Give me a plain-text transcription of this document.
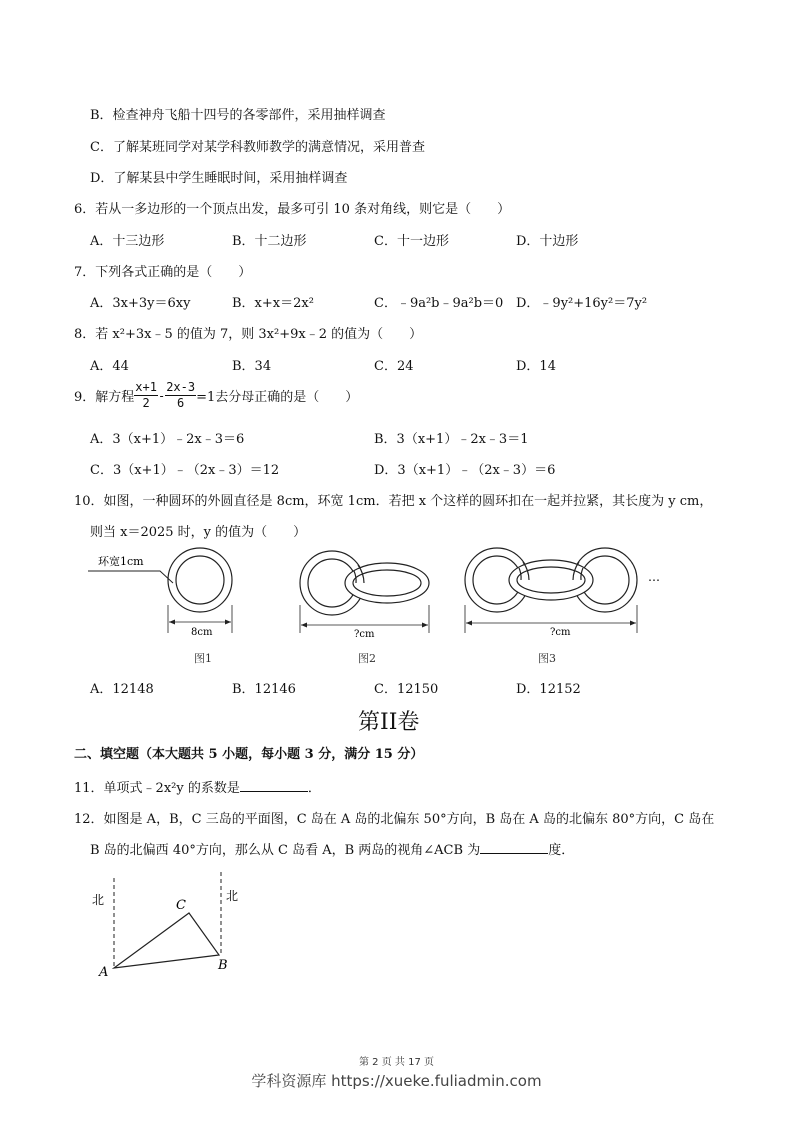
B．检查神舟飞船十四号的各零部件，采用抽样调查
C．了解某班同学对某学科教师教学的满意情况，采用普查
D．了解某县中学生睡眠时间，采用抽样调查
6．若从一多边形的一个顶点出发，最多可引 10 条对角线，则它是（　　）
A．十三边形	B．十二边形	C．十一边形	D．十边形
7．下列各式正确的是（　　）
A．3x+3y＝6xy	B．x+x＝2x²	C．﹣9a²b﹣9a²b＝0 D．﹣9y²+16y²＝7y²
8．若 x²+3x﹣5 的值为 7，则 3x²+9x﹣2 的值为（　　）
A．44	B．34	C．24	D．14
9．解方程 $\frac{x+1}{2} - \frac{2x-3}{6} =1$去分母正确的是（　　）
A．3（x+1）﹣2x﹣3＝6	B．3（x+1）﹣2x﹣3＝1
C．3（x+1）﹣（2x﹣3）＝12	D．3（x+1）﹣（2x﹣3）＝6
10．如图，一种圆环的外圆直径是 8cm，环宽 1cm．若把 x 个这样的圆环扣在一起并拉紧，其长度为 y cm，
则当 x＝2025 时，y 的值为（　　）
环宽1cm
8cm
图1
?cm
图2
…
?cm
图3
A．12148	B．12146	C．12150	D．12152
第II卷
二、填空题（本大题共 5 小题，每小题 3 分，满分 15 分）
11．单项式﹣2x²y 的系数是	．
12．如图是 A，B，C 三岛的平面图，C 岛在 A 岛的北偏东 50°方向，B 岛在 A 岛的北偏东 80°方向，C 岛在
B 岛的北偏西 40°方向，那么从 C 岛看 A，B 两岛的视角∠ACB 为	度．
北	北
A	B
C
第 2 页 共 17 页
学科资源库 https://xueke.fuliadmin.com
